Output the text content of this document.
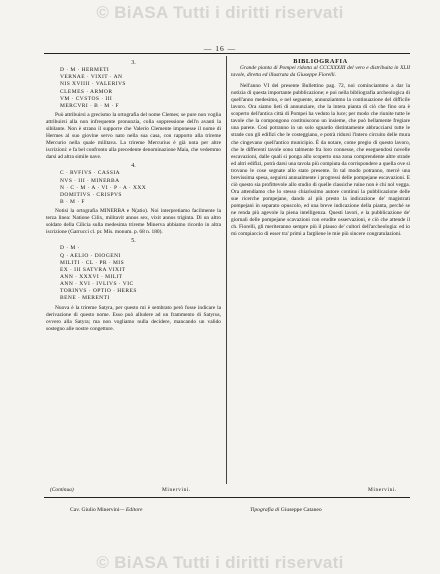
© BiASA Tutti i diritti riservati
— 16 —
3.
D · M · HERMETI
VERNAE · VIXIT · AN
NIS XVIIII · VALERIVS
CLEMES · ARMOR
VM · CVSTOS · III
MERCVRI · B · M · F

Può attribuirsi a grecismo la ortografia del nome Clemes; se pure non voglia attribuirsi alla non infrequente pronunzia, colla soppressione dell'n avanti la sibilante. Non è strano il supporre che Valerio Clemente imponesse il nome di Hermes al suo giovine servo nato nella sua casa, con rapporto alla trireme Mercurio nella quale militava. La trireme Mercurius è già nota per altre iscrizioni: e fa bel confronto alla precedente denominazione Maia, che vedemmo darsi ad altra simile nave.

4.
C · RVFIVS · CASSIA
NVS · III · MINERBA
N · C · M · A · VI · P · A · XXX
DOMITIVS · CRISPVS
B · M · F

Notisi la ortografia MINERBA e N(atio). Noi interpretiamo facilmente la terza linea: Natione Cilix, militavit annos sex, vixit annos triginta. Di un altro soldato della Cilicia sulla medesima trireme Minerva abbiamo ricordo in altra iscrizione (Garrucci cl. pr. Mis. monum. p. 68 n. 180).

5.
D · M ·
Q · AELIO · DIOGENI
MILITI · CL · PR · MIS
EX · III SATVRA VIXIT
ANN · XXXVI · MILIT
ANN · XVI · IVLIVS · VIC
TORINVS · OPTIO · HERES
BENE · MERENTI

Nuova è la trireme Satyra, per questo mi è sembrato però fosse indicare la derivazione di questo nome. Esso può alludere ad un frammento di Satyrus, ovvero alla Satyra; ma non vogliamo nulla decidere, mancando un valido sostegno alle nostre congetture.

BIBLIOGRAFIA

Grande pianta di Pompei ridotta al CCCXXXIII del vero e distribuita in XLII tavole, diretta ed illustrata da Giuseppe Fiorelli.

Nell'anno VI del presente Bullettino pag. 72, noi cominciammo a dar la notizia di questa importante pubblicazione; e poi nella bibliografia archeologica di quell'anno medesimo, e nel seguente, annunziammo la continuazione del difficile lavoro. Ora siamo lieti di annunziare, che la intera pianta di ciò che fino ora è scoperto dell'antica città di Pompei ha veduto la luce; per modo che riunite tutte le tavole che la compongono costituiscono un insieme, che può bellamente fregiare una parete. Così potranno in un solo sguardo distintamente abbracciarsi tutte le strade con gli edifizi che le costeggiano, e potrà ridursi l'intero circuito delle mura che cingevano quell'antico municipio. È da notare, come pregio di questo lavoro, che le differenti tavole sono talmente fra loro connesse, che eseguendosi novelle escavazioni, dalle quali si ponga allo scoperto una zona comprendente altre strade ed altri edifizi, potrà darsi una tavola più compiuta da corrispondere a quella ove si trovano le cose segnate allo stato presente. In tal modo potranno, mercè una brevissima spesa, seguirsi annualmente i progressi delle pompejane escavazioni. E ciò questo sia profittevole allo studio di quelle classiche ruine non è chi nol vegga. Ora attendiamo che lo stesso chiarissimo autore continui la pubblicazione delle sue ricerche pompejane, dando al più presto la indicazione de' magistrati pompejani in separato opuscolo, ed una breve indicazione della pianta, perchè se ne renda più agevole la piena intelligenza. Questi lavori, e la pubblicazione de' giornali delle pompejane scavazioni con erudite osservazioni, e ciò che attende il ch. Fiorelli, gli meriteranno sempre più il plauso de' cultori dell'archeologia: ed io mi compiaccio di esser tra' primi a fargliene le mie più sincere congratulazioni.

(Continua)	Minervini.	Minervini.
Cav. Giulio Minervini— Editore	Tipografia di Giuseppe Cataneo
© BiASA Tutti i diritti riservati
